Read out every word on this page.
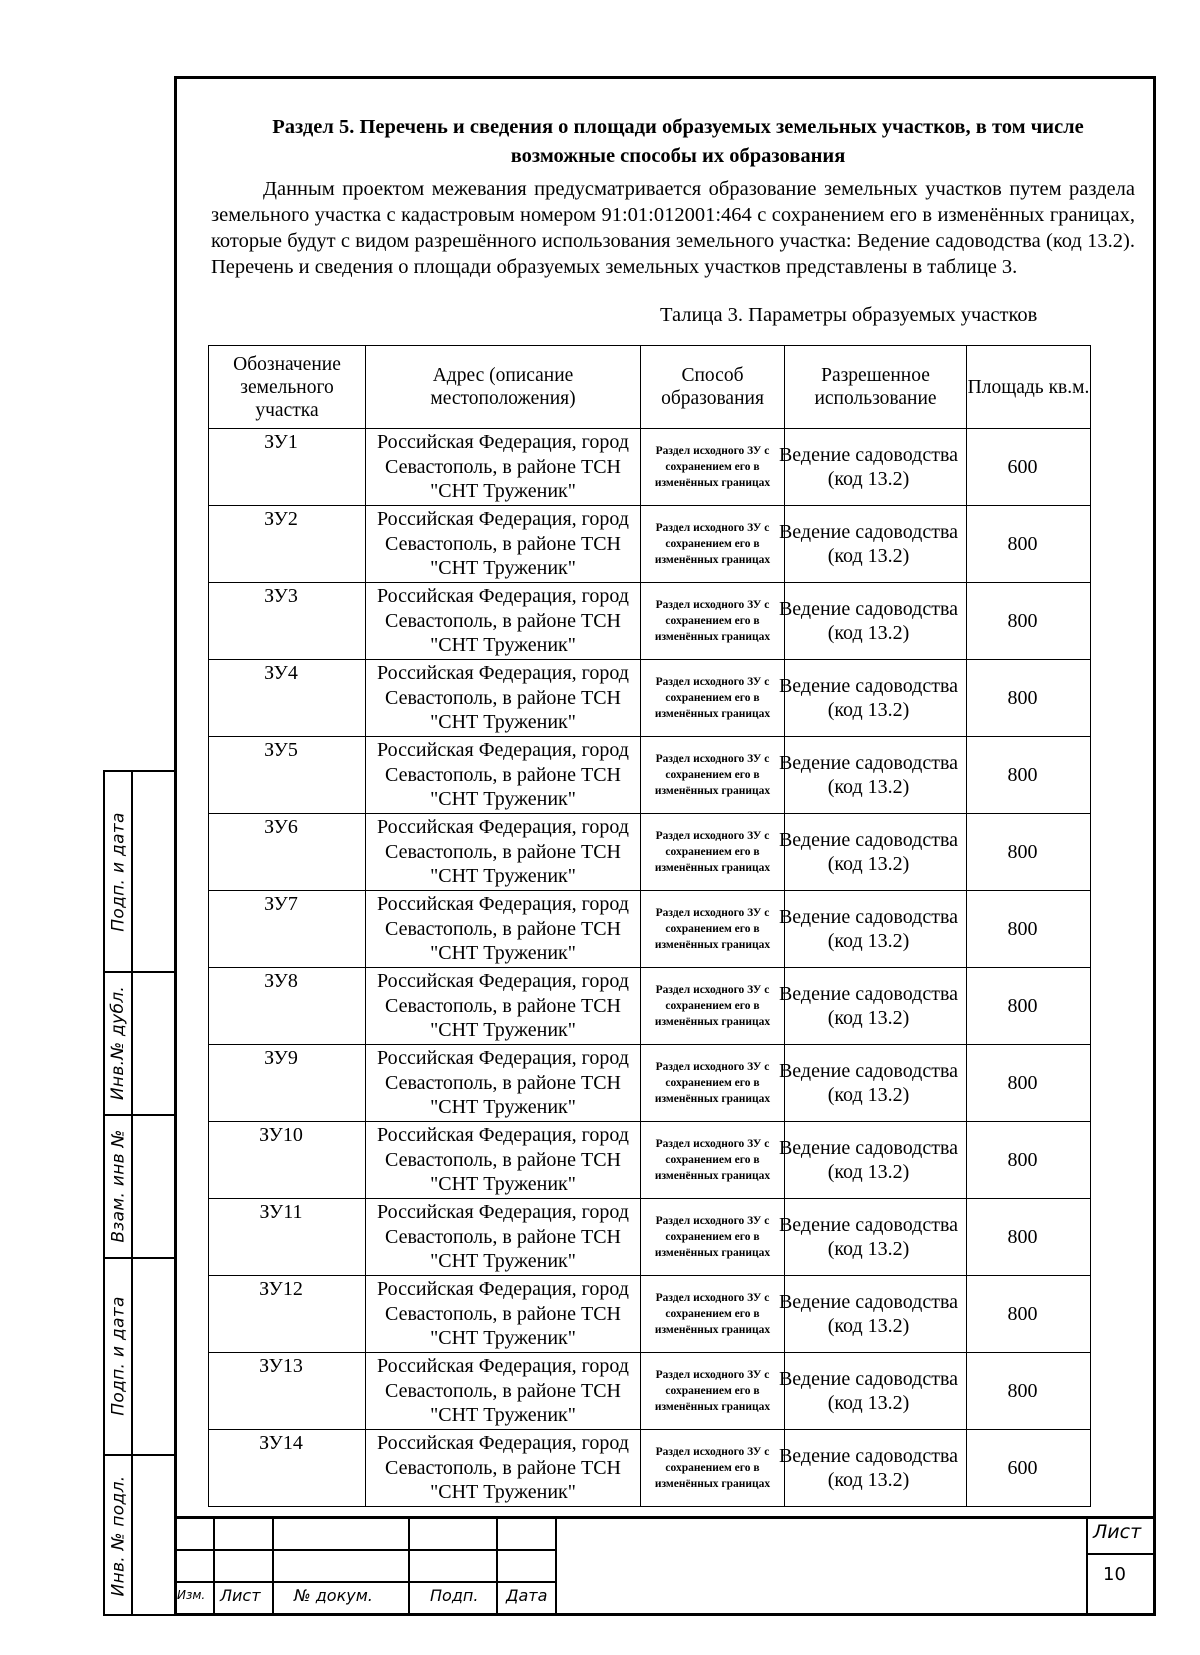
Раздел 5. Перечень и сведения о площади образуемых земельных участков, в том числе
возможные способы их образования

Данным проектом межевания предусматривается образование земельных участков путем раздела земельного участка с кадастровым номером 91:01:012001:464 с сохранением его в изменённых границах, которые будут с видом разрешённого использования земельного участка: Ведение садоводства (код 13.2). Перечень и сведения о площади образуемых земельных участков представлены в таблице 3.

Талица 3. Параметры образуемых участков
Обозначение земельного участка	Адрес (описание местоположения)	Способ образования	Разрешенное использование	Площадь кв.м.

ЗУ1	Российская Федерация, город Севастополь, в районе ТСН "СНТ Труженик"	Раздел исходного ЗУ с сохранением его в изменённых границах	Ведение садоводства (код 13.2)	600

ЗУ2	Российская Федерация, город Севастополь, в районе ТСН "СНТ Труженик"	Раздел исходного ЗУ с сохранением его в изменённых границах	Ведение садоводства (код 13.2)	800

ЗУ3	Российская Федерация, город Севастополь, в районе ТСН "СНТ Труженик"	Раздел исходного ЗУ с сохранением его в изменённых границах	Ведение садоводства (код 13.2)	800

ЗУ4	Российская Федерация, город Севастополь, в районе ТСН "СНТ Труженик"	Раздел исходного ЗУ с сохранением его в изменённых границах	Ведение садоводства (код 13.2)	800

ЗУ5	Российская Федерация, город Севастополь, в районе ТСН "СНТ Труженик"	Раздел исходного ЗУ с сохранением его в изменённых границах	Ведение садоводства (код 13.2)	800

ЗУ6	Российская Федерация, город Севастополь, в районе ТСН "СНТ Труженик"	Раздел исходного ЗУ с сохранением его в изменённых границах	Ведение садоводства (код 13.2)	800

ЗУ7	Российская Федерация, город Севастополь, в районе ТСН "СНТ Труженик"	Раздел исходного ЗУ с сохранением его в изменённых границах	Ведение садоводства (код 13.2)	800

ЗУ8	Российская Федерация, город Севастополь, в районе ТСН "СНТ Труженик"	Раздел исходного ЗУ с сохранением его в изменённых границах	Ведение садоводства (код 13.2)	800

ЗУ9	Российская Федерация, город Севастополь, в районе ТСН "СНТ Труженик"	Раздел исходного ЗУ с сохранением его в изменённых границах	Ведение садоводства (код 13.2)	800

ЗУ10	Российская Федерация, город Севастополь, в районе ТСН "СНТ Труженик"	Раздел исходного ЗУ с сохранением его в изменённых границах	Ведение садоводства (код 13.2)	800

ЗУ11	Российская Федерация, город Севастополь, в районе ТСН "СНТ Труженик"	Раздел исходного ЗУ с сохранением его в изменённых границах	Ведение садоводства (код 13.2)	800

ЗУ12	Российская Федерация, город Севастополь, в районе ТСН "СНТ Труженик"	Раздел исходного ЗУ с сохранением его в изменённых границах	Ведение садоводства (код 13.2)	800

ЗУ13	Российская Федерация, город Севастополь, в районе ТСН "СНТ Труженик"	Раздел исходного ЗУ с сохранением его в изменённых границах	Ведение садоводства (код 13.2)	800

ЗУ14	Российская Федерация, город Севастополь, в районе ТСН "СНТ Труженик"	Раздел исходного ЗУ с сохранением его в изменённых границах	Ведение садоводства (код 13.2)	600
Подп. и дата
Инв.№ дубл.
Взам. инв №
Подп. и дата
Инв. № подл.	Изм. Лист № докум.	Подп. Дата
Лист
10
